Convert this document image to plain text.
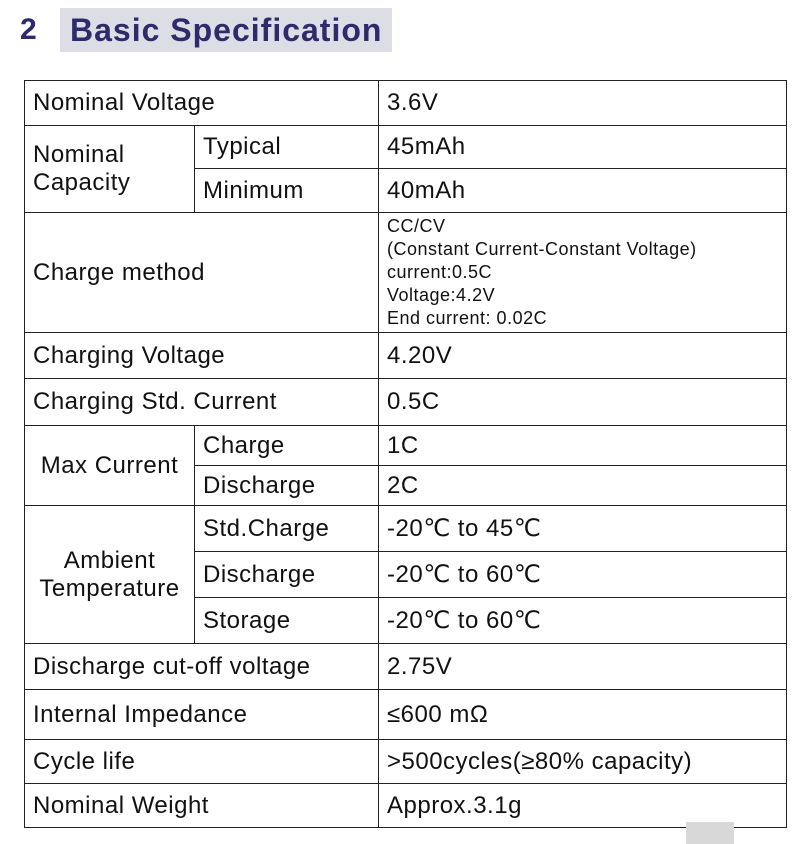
2	Basic Specification
Nominal Voltage		3.6V

Nominal
Capacity	Typical	45mAh
	Minimum	40mAh
Charge method		CC/CV
(Constant Current-Constant Voltage)
current:0.5C
Voltage:4.2V
End current: 0.02C

Charging Voltage		4.20V
Charging Std. Current		0.5C
Max Current	Charge	1C
	Discharge	2C

Ambient
Temperature	Std.Charge	-20℃ to 45℃
	Discharge	-20℃ to 60℃
	Storage	-20℃ to 60℃
Discharge cut-off voltage		2.75V
Internal Impedance		≤600 mΩ
Cycle life		>500cycles(≥80% capacity)
Nominal Weight		Approx.3.1g
